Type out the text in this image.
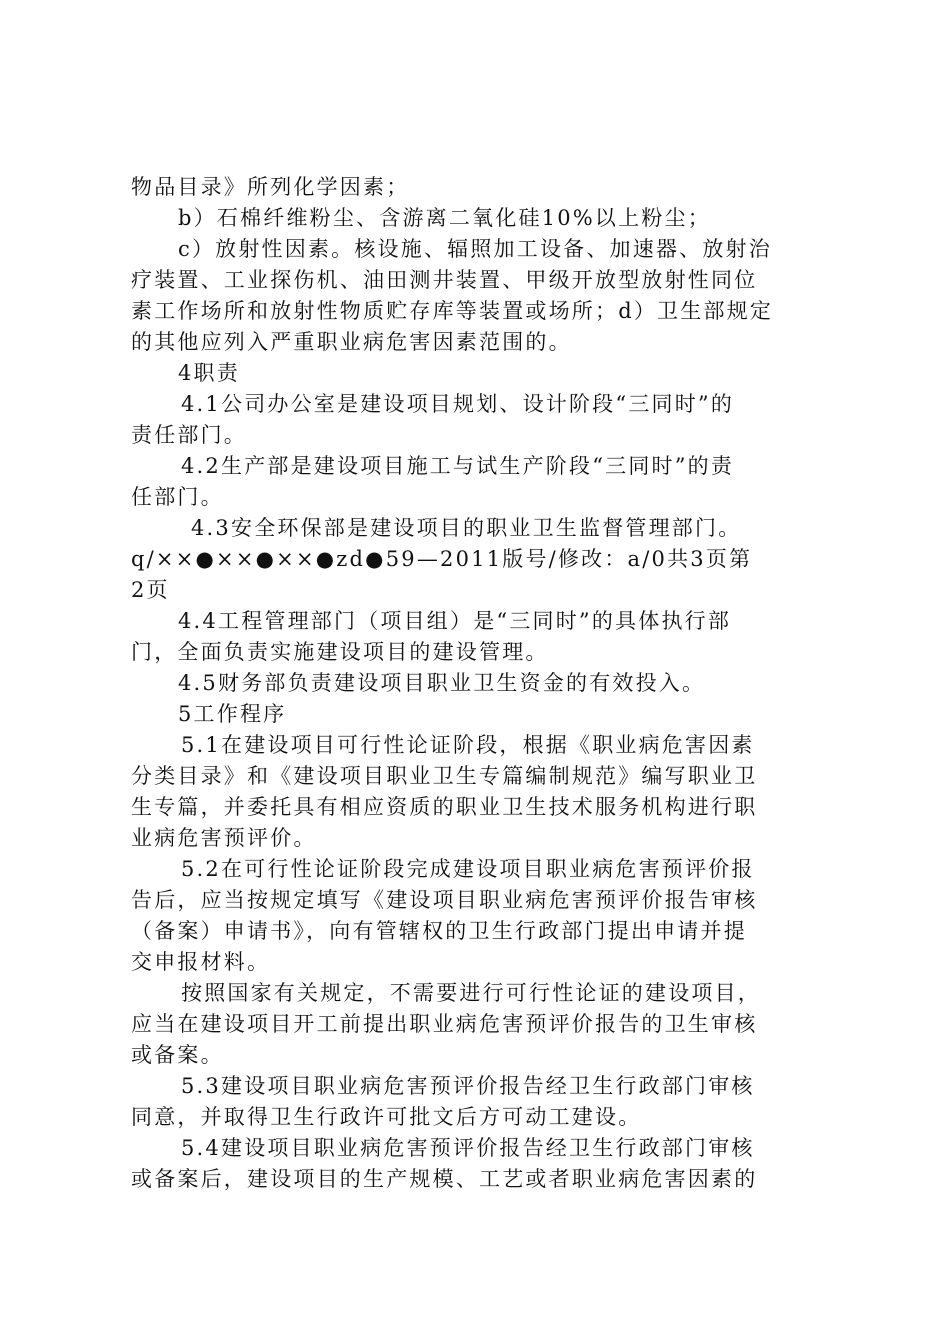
物品目录》所列化学因素；

b）石棉纤维粉尘、含游离二氧化硅10%以上粉尘；

c）放射性因素。核设施、辐照加工设备、加速器、放射治

疗装置、工业探伤机、油田测井装置、甲级开放型放射性同位

素工作场所和放射性物质贮存库等装置或场所；d）卫生部规定

的其他应列入严重职业病危害因素范围的。

4职责

4.1公司办公室是建设项目规划、设计阶段“三同时”的

责任部门。

4.2生产部是建设项目施工与试生产阶段“三同时”的责

任部门。

4.3安全环保部是建设项目的职业卫生监督管理部门。

q/××●××●××●zd●59—2011版号/修改：a/0共3页第

2页

4.4工程管理部门（项目组）是“三同时”的具体执行部

门，全面负责实施建设项目的建设管理。

4.5财务部负责建设项目职业卫生资金的有效投入。

5工作程序

5.1在建设项目可行性论证阶段，根据《职业病危害因素

分类目录》和《建设项目职业卫生专篇编制规范》编写职业卫

生专篇，并委托具有相应资质的职业卫生技术服务机构进行职

业病危害预评价。

5.2在可行性论证阶段完成建设项目职业病危害预评价报

告后，应当按规定填写《建设项目职业病危害预评价报告审核

（备案）申请书》，向有管辖权的卫生行政部门提出申请并提

交申报材料。

按照国家有关规定，不需要进行可行性论证的建设项目，

应当在建设项目开工前提出职业病危害预评价报告的卫生审核

或备案。

5.3建设项目职业病危害预评价报告经卫生行政部门审核

同意，并取得卫生行政许可批文后方可动工建设。

5.4建设项目职业病危害预评价报告经卫生行政部门审核

或备案后，建设项目的生产规模、工艺或者职业病危害因素的
